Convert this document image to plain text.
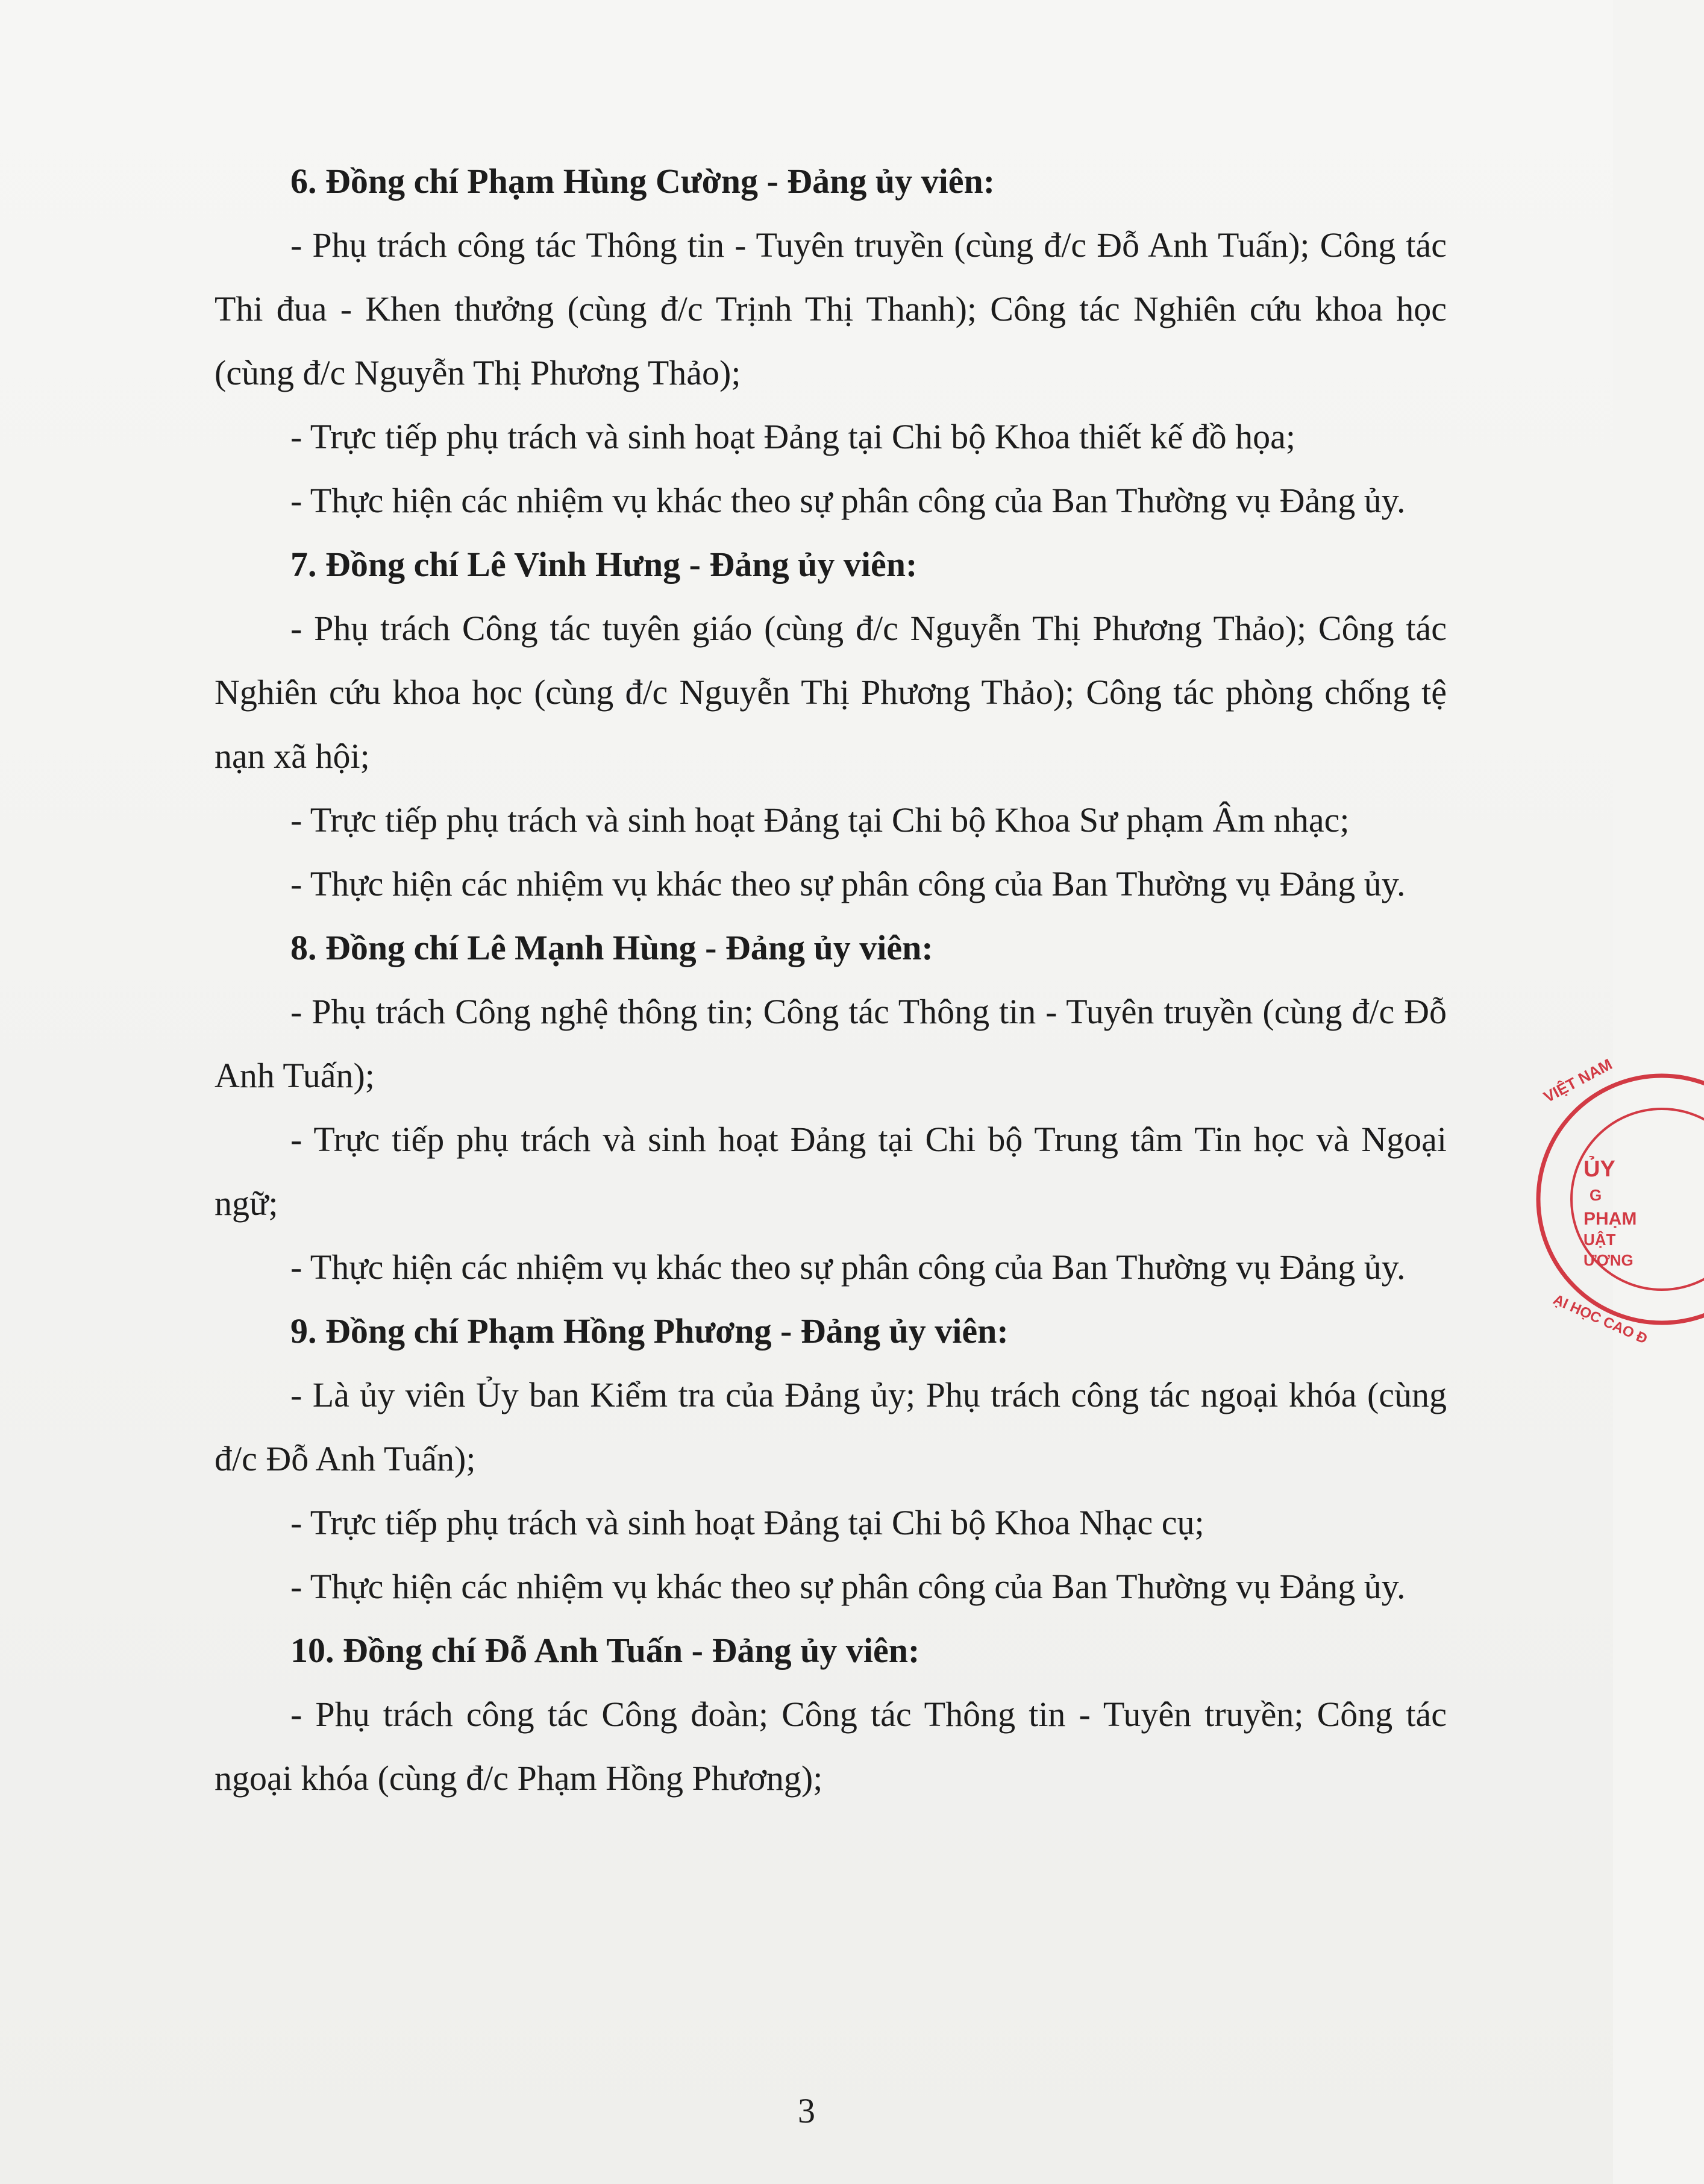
6. Đồng chí Phạm Hùng Cường - Đảng ủy viên:

- Phụ trách công tác Thông tin - Tuyên truyền (cùng đ/c Đỗ Anh Tuấn); Công tác Thi đua - Khen thưởng (cùng đ/c Trịnh Thị Thanh); Công tác Nghiên cứu khoa học (cùng đ/c Nguyễn Thị Phương Thảo);

- Trực tiếp phụ trách và sinh hoạt Đảng tại Chi bộ Khoa thiết kế đồ họa;

- Thực hiện các nhiệm vụ khác theo sự phân công của Ban Thường vụ Đảng ủy.

7. Đồng chí Lê Vinh Hưng - Đảng ủy viên:

- Phụ trách Công tác tuyên giáo (cùng đ/c Nguyễn Thị Phương Thảo); Công tác Nghiên cứu khoa học (cùng đ/c Nguyễn Thị Phương Thảo); Công tác phòng chống tệ nạn xã hội;

- Trực tiếp phụ trách và sinh hoạt Đảng tại Chi bộ Khoa Sư phạm Âm nhạc;

- Thực hiện các nhiệm vụ khác theo sự phân công của Ban Thường vụ Đảng ủy.

8. Đồng chí Lê Mạnh Hùng - Đảng ủy viên:

- Phụ trách Công nghệ thông tin; Công tác Thông tin - Tuyên truyền (cùng đ/c Đỗ Anh Tuấn);

- Trực tiếp phụ trách và sinh hoạt Đảng tại Chi bộ Trung tâm Tin học và Ngoại ngữ;

- Thực hiện các nhiệm vụ khác theo sự phân công của Ban Thường vụ Đảng ủy.

9. Đồng chí Phạm Hồng Phương - Đảng ủy viên:

- Là ủy viên Ủy ban Kiểm tra của Đảng ủy; Phụ trách công tác ngoại khóa (cùng đ/c Đỗ Anh Tuấn);

- Trực tiếp phụ trách và sinh hoạt Đảng tại Chi bộ Khoa Nhạc cụ;

- Thực hiện các nhiệm vụ khác theo sự phân công của Ban Thường vụ Đảng ủy.

10. Đồng chí Đỗ Anh Tuấn - Đảng ủy viên:

- Phụ trách công tác Công đoàn; Công tác Thông tin - Tuyên truyền; Công tác ngoại khóa (cùng đ/c Phạm Hồng Phương);

3
VIỆT NAM
ỦY
G
PHẠM
UẬT
ƯƠNG
ẠI HỌC CAO Đ
